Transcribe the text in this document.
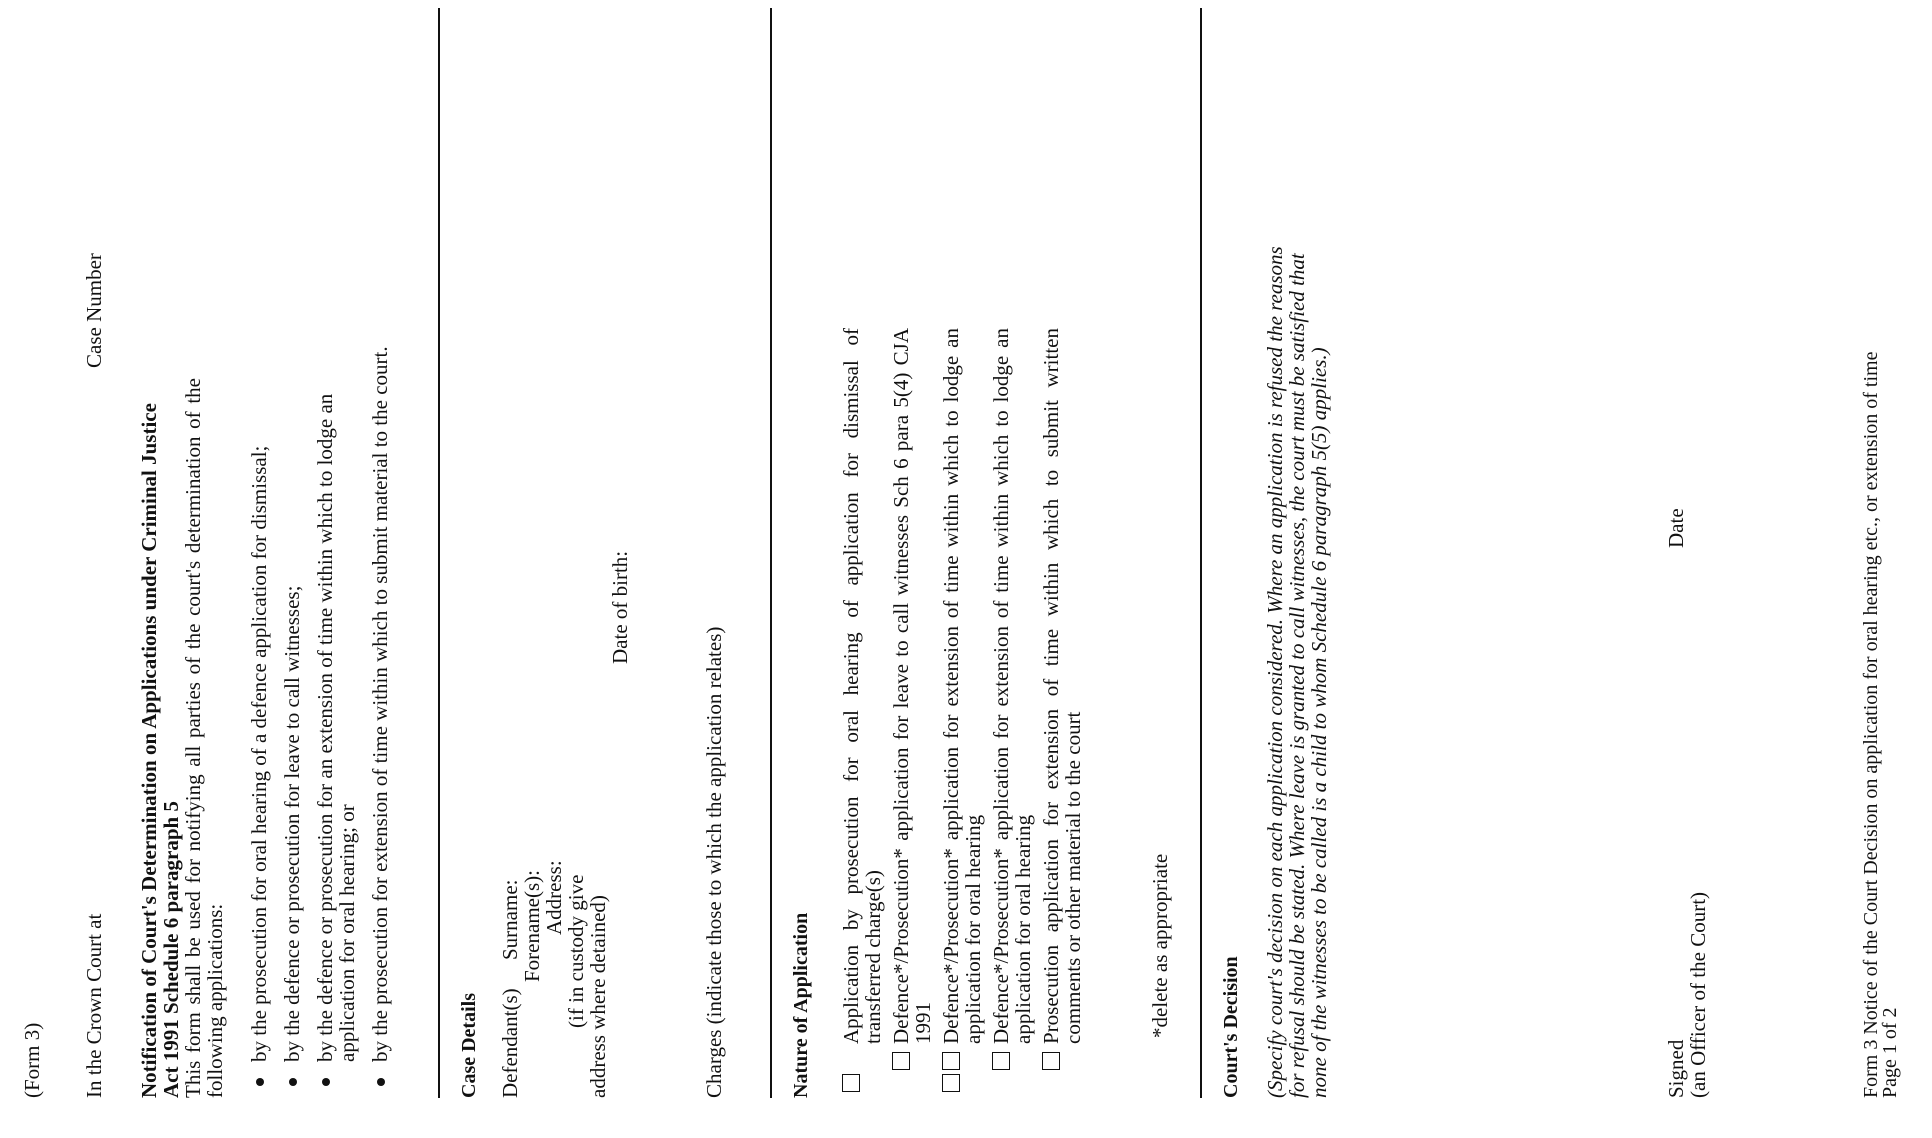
(Form 3) In the Crown Court at
Case Number
Notification of Court's Determination on Applications under Criminal Justice Act 1991 Schedule 6 paragraph 5
This form shall be used for notifying all parties of the court's determination of the following applications: by the prosecution for oral hearing of a defence application for dismissal; by the defence or prosecution for leave to call witnesses; by the defence or prosecution for an extension of time within which to lodge an application for oral hearing; or by the prosecution for extension of time within which to submit material to the court.	Case Details Defendant(s)
Surname:
Forename(s):
Address:
(if in custody give
address where detained)
Date of birth:
Charges (indicate those to which the application relates)	Nature of Application Application by prosecution for oral hearing of application for dismissal of transferred charge(s) Defence*/Prosecution* application for leave to call witnesses Sch 6 para 5(4) CJA 1991 Defence*/Prosecution* application for extension of time within which to lodge an application for oral hearing Defence*/Prosecution* application for extension of time within which to lodge an application for oral hearing Prosecution application for extension of time within which to submit written comments or other material to the court	*delete as appropriate Court's Decision (Specify court's decision on each application considered. Where an application is refused the reasons for refusal should be stated. Where leave is granted to call witnesses, the court must be satisfied that none of the witnesses to be called is a child to whom Schedule 6 paragraph 5(5) applies.)	Signed
(an Officer of the Court)
Date	Form 3 Notice of the Court Decision on application for oral hearing etc., or extension of time
Page 1 of 2
